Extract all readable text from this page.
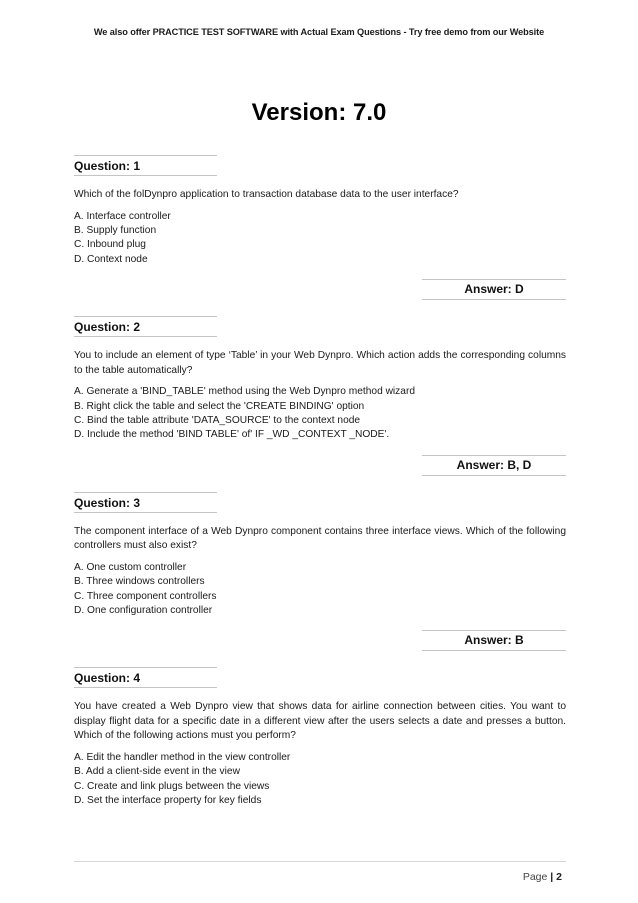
We also offer PRACTICE TEST SOFTWARE with Actual Exam Questions - Try free demo from our Website
Version: 7.0
Question: 1
Which of the folDynpro application to transaction database data to the user interface?
A. Interface controller
B. Supply function
C. Inbound plug
D. Context node
Answer: D
Question: 2
You to include an element of type ‘Table’ in your Web Dynpro. Which action adds the corresponding columns to the table automatically?
A. Generate a 'BIND_TABLE' method using the Web Dynpro method wizard
B. Right click the table and select the 'CREATE BINDING' option
C. Bind the table attribute 'DATA_SOURCE' to the context node
D. Include the method 'BIND TABLE' of' IF _WD _CONTEXT _NODE'.
Answer: B, D
Question: 3
The component interface of a Web Dynpro component contains three interface views. Which of the following controllers must also exist?
A. One custom controller
B. Three windows controllers
C. Three component controllers
D. One configuration controller
Answer: B
Question: 4
You have created a Web Dynpro view that shows data for airline connection between cities. You want to display flight data for a specific date in a different view after the users selects a date and presses a button. Which of the following actions must you perform?
A. Edit the handler method in the view controller
B. Add a client-side event in the view
C. Create and link plugs between the views
D. Set the interface property for key fields
Page | 2
